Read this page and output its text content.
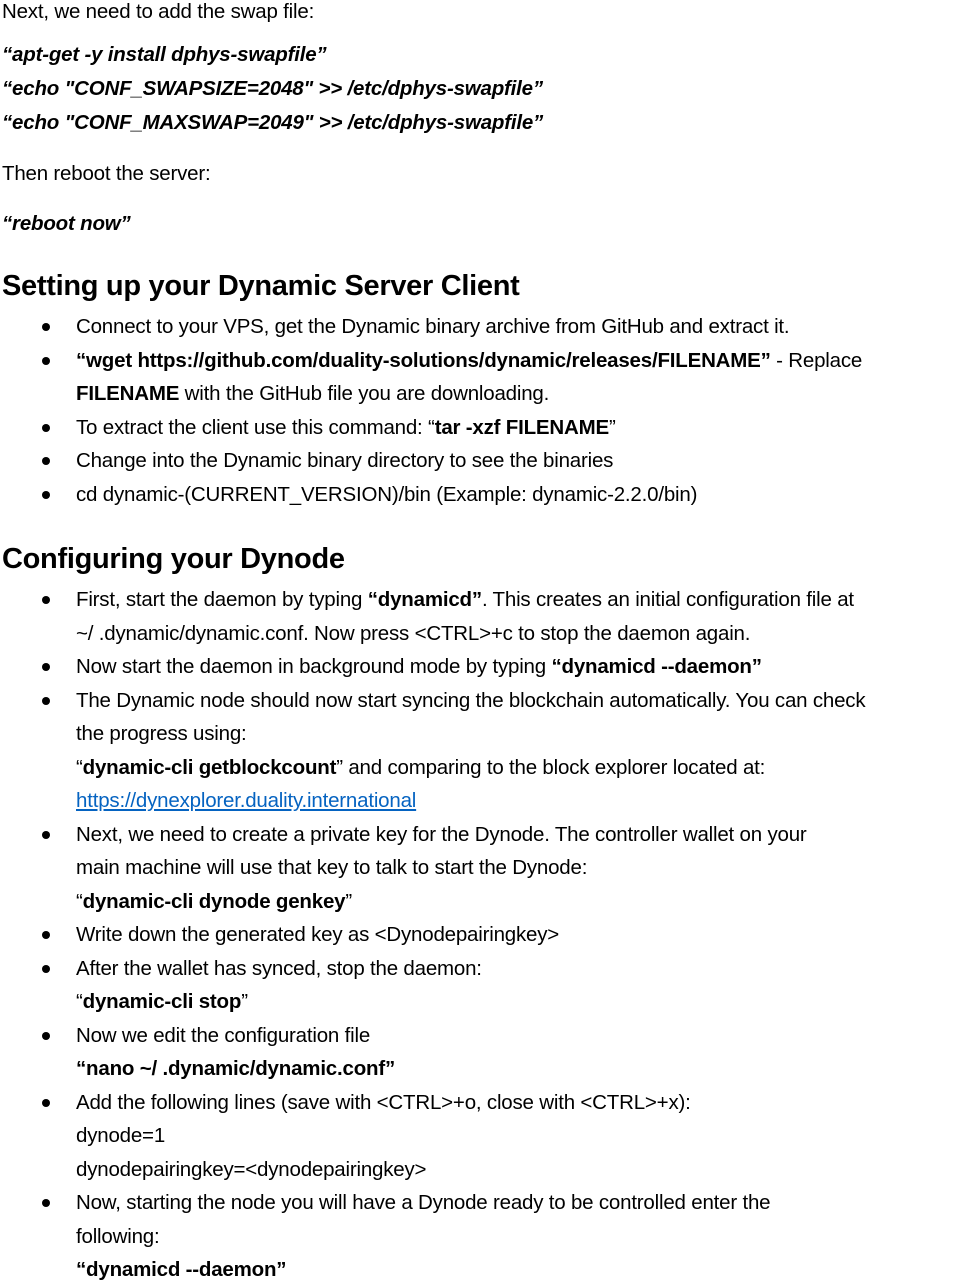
Next, we need to add the swap file:
“apt-get -y install dphys-swapfile”
“echo "CONF_SWAPSIZE=2048" >> /etc/dphys-swapfile”
“echo "CONF_MAXSWAP=2049" >> /etc/dphys-swapfile”
Then reboot the server:
“reboot now”
Setting up your Dynamic Server Client
Connect to your VPS, get the Dynamic binary archive from GitHub and extract it.
“wget https://github.com/duality-solutions/dynamic/releases/FILENAME” - Replace
FILENAME with the GitHub file you are downloading.
To extract the client use this command: “tar -xzf FILENAME”
Change into the Dynamic binary directory to see the binaries
cd dynamic-(CURRENT_VERSION)/bin (Example: dynamic-2.2.0/bin)
Configuring your Dynode
First, start the daemon by typing “dynamicd”. This creates an initial configuration file at
~/ .dynamic/dynamic.conf. Now press <CTRL>+c to stop the daemon again.
Now start the daemon in background mode by typing “dynamicd --daemon”
The Dynamic node should now start syncing the blockchain automatically. You can check
the progress using:
“dynamic-cli getblockcount” and comparing to the block explorer located at:
https://dynexplorer.duality.international
Next, we need to create a private key for the Dynode. The controller wallet on your
main machine will use that key to talk to start the Dynode:
“dynamic-cli dynode genkey”
Write down the generated key as <Dynodepairingkey>
After the wallet has synced, stop the daemon:
“dynamic-cli stop”
Now we edit the configuration file
“nano ~/ .dynamic/dynamic.conf”
Add the following lines (save with <CTRL>+o, close with <CTRL>+x):
dynode=1
dynodepairingkey=<dynodepairingkey>
Now, starting the node you will have a Dynode ready to be controlled enter the
following:
“dynamicd --daemon”
